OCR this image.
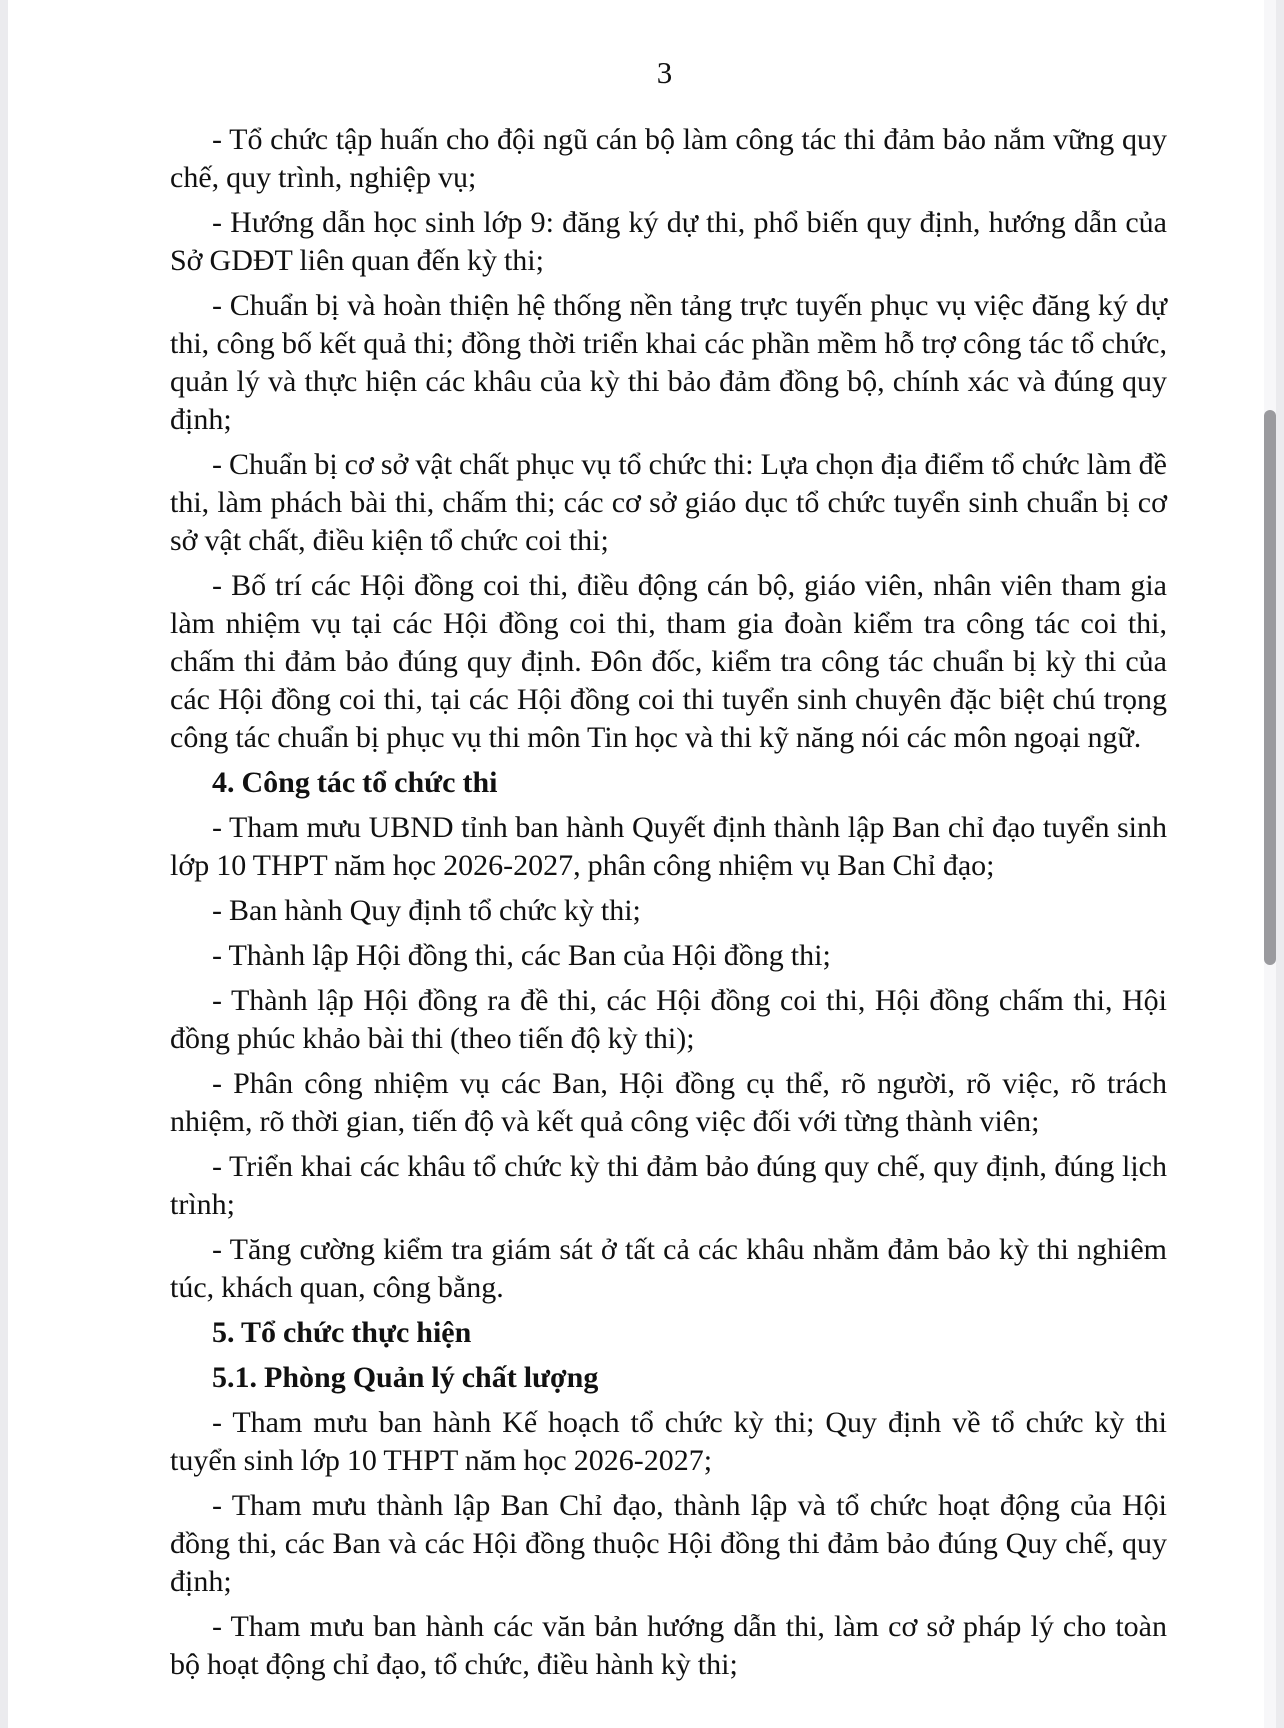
3

- Tổ chức tập huấn cho đội ngũ cán bộ làm công tác thi đảm bảo nắm vững quy chế, quy trình, nghiệp vụ;

- Hướng dẫn học sinh lớp 9: đăng ký dự thi, phổ biến quy định, hướng dẫn của Sở GDĐT liên quan đến kỳ thi;

- Chuẩn bị và hoàn thiện hệ thống nền tảng trực tuyến phục vụ việc đăng ký dự thi, công bố kết quả thi; đồng thời triển khai các phần mềm hỗ trợ công tác tổ chức, quản lý và thực hiện các khâu của kỳ thi bảo đảm đồng bộ, chính xác và đúng quy định;

- Chuẩn bị cơ sở vật chất phục vụ tổ chức thi: Lựa chọn địa điểm tổ chức làm đề thi, làm phách bài thi, chấm thi; các cơ sở giáo dục tổ chức tuyển sinh chuẩn bị cơ sở vật chất, điều kiện tổ chức coi thi;

- Bố trí các Hội đồng coi thi, điều động cán bộ, giáo viên, nhân viên tham gia làm nhiệm vụ tại các Hội đồng coi thi, tham gia đoàn kiểm tra công tác coi thi, chấm thi đảm bảo đúng quy định. Đôn đốc, kiểm tra công tác chuẩn bị kỳ thi của các Hội đồng coi thi, tại các Hội đồng coi thi tuyển sinh chuyên đặc biệt chú trọng công tác chuẩn bị phục vụ thi môn Tin học và thi kỹ năng nói các môn ngoại ngữ.

4. Công tác tổ chức thi

- Tham mưu UBND tỉnh ban hành Quyết định thành lập Ban chỉ đạo tuyển sinh lớp 10 THPT năm học 2026-2027, phân công nhiệm vụ Ban Chỉ đạo;

- Ban hành Quy định tổ chức kỳ thi;

- Thành lập Hội đồng thi, các Ban của Hội đồng thi;

- Thành lập Hội đồng ra đề thi, các Hội đồng coi thi, Hội đồng chấm thi, Hội đồng phúc khảo bài thi (theo tiến độ kỳ thi);

- Phân công nhiệm vụ các Ban, Hội đồng cụ thể, rõ người, rõ việc, rõ trách nhiệm, rõ thời gian, tiến độ và kết quả công việc đối với từng thành viên;

- Triển khai các khâu tổ chức kỳ thi đảm bảo đúng quy chế, quy định, đúng lịch trình;

- Tăng cường kiểm tra giám sát ở tất cả các khâu nhằm đảm bảo kỳ thi nghiêm túc, khách quan, công bằng.

5. Tổ chức thực hiện

5.1. Phòng Quản lý chất lượng

- Tham mưu ban hành Kế hoạch tổ chức kỳ thi; Quy định về tổ chức kỳ thi tuyển sinh lớp 10 THPT năm học 2026-2027;

- Tham mưu thành lập Ban Chỉ đạo, thành lập và tổ chức hoạt động của Hội đồng thi, các Ban và các Hội đồng thuộc Hội đồng thi đảm bảo đúng Quy chế, quy định;

- Tham mưu ban hành các văn bản hướng dẫn thi, làm cơ sở pháp lý cho toàn bộ hoạt động chỉ đạo, tổ chức, điều hành kỳ thi;
